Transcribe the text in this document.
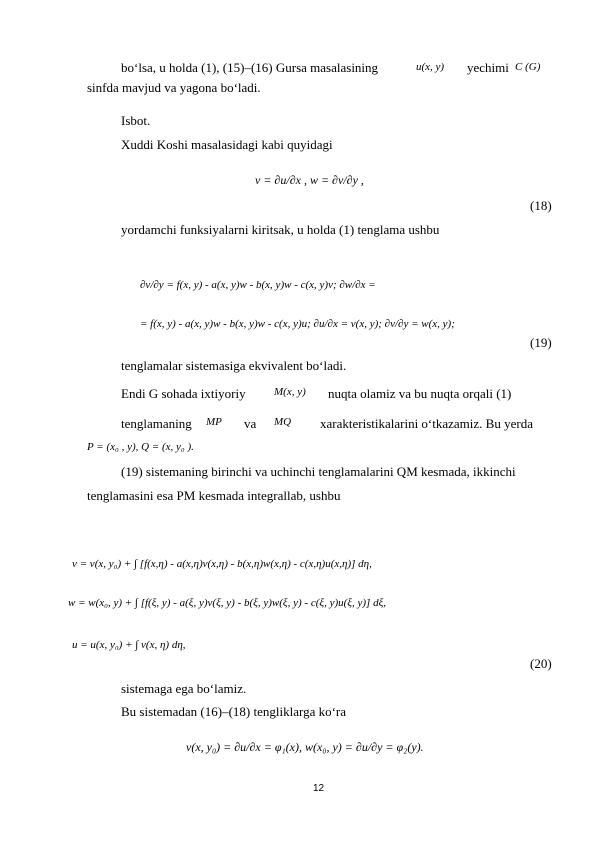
bo‘lsa, u holda (1), (15)–(16) Gursa masalasining	u(x, y) yechimi C (G)
sinfda mavjud va yagona bo‘ladi.
Isbot.
Xuddi Koshi masalasidagi kabi quyidagi
v = ∂u/∂x , w = ∂v/∂y ,
(18)
yordamchi funksiyalarni kiritsak, u holda (1) tenglama ushbu
∂v/∂y = f(x, y) - a(x, y)w - b(x, y)w - c(x, y)v; ∂w/∂x =
= f(x, y) - a(x, y)w - b(x, y)w - c(x, y)u; ∂u/∂x = v(x, y); ∂v/∂y = w(x, y);
(19)
tenglamalar sistemasiga ekvivalent bo‘ladi.
Endi G sohada ixtiyoriy	M(x, y) nuqta olamiz va bu nuqta orqali (1)
tenglamaning MP va MQ xarakteristikalarini o‘tkazamiz. Bu yerda
P = (x₀ , y), Q = (x, y₀ ).
(19) sistemaning birinchi va uchinchi tenglamalarini QM kesmada, ikkinchi
tenglamasini esa PM kesmada integrallab, ushbu
v = v(x, y₀) + ∫ [f(x,η) - a(x,η)v(x,η) - b(x,η)w(x,η) - c(x,η)u(x,η)] dη,
w = w(x₀, y) + ∫ [f(ξ, y) - a(ξ, y)v(ξ, y) - b(ξ, y)w(ξ, y) - c(ξ, y)u(ξ, y)] dξ,
u = u(x, y₀) + ∫ v(x, η) dη,
(20)
sistemaga ega bo‘lamiz.
Bu sistemadan (16)–(18) tengliklarga ko‘ra
v(x, y₀) = ∂u/∂x = φ₁(x), w(x₀, y) = ∂u/∂y = φ₂(y).
12
